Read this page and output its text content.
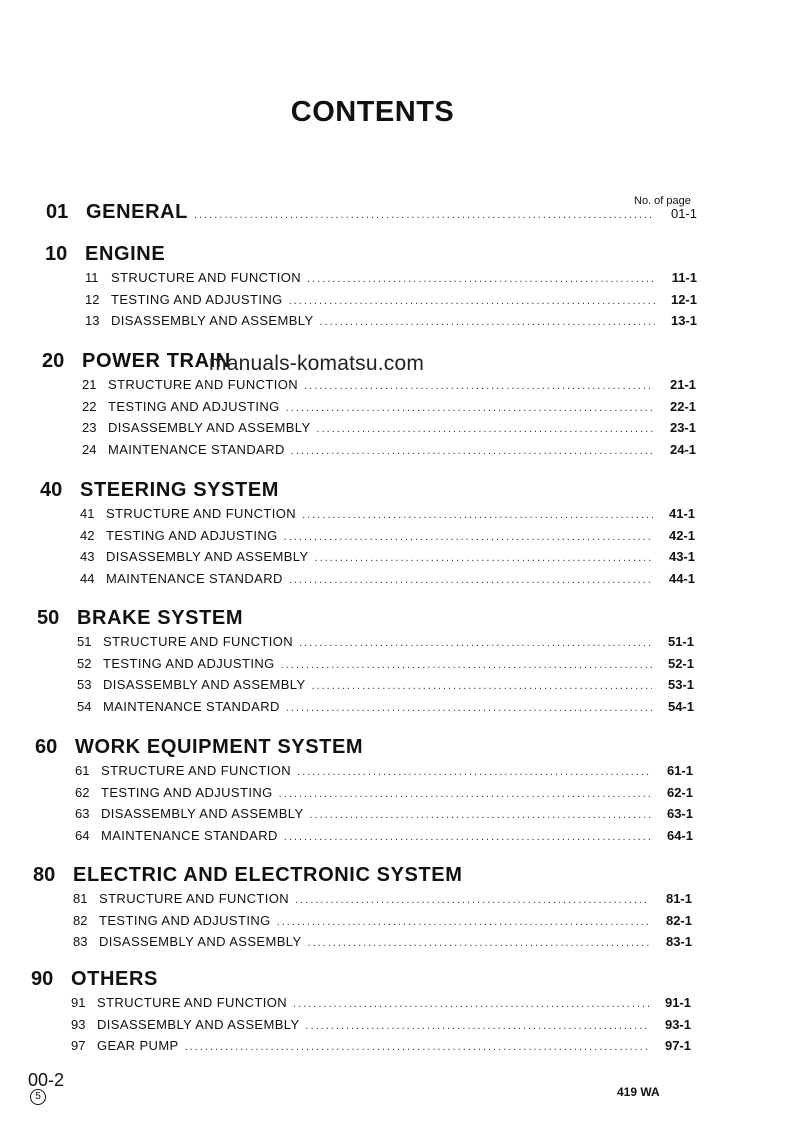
CONTENTS
No. of page
01 GENERAL .....	01-1
10 ENGINE
11 STRUCTURE AND FUNCTION .....	11-1
12 TESTING AND ADJUSTING .....	12-1
13 DISASSEMBLY AND ASSEMBLY .....	13-1
20 POWER TRAIN
21 STRUCTURE AND FUNCTION .....	21-1
22 TESTING AND ADJUSTING .....	22-1
23 DISASSEMBLY AND ASSEMBLY .....	23-1
24 MAINTENANCE STANDARD .....	24-1
40 STEERING SYSTEM
41 STRUCTURE AND FUNCTION .....	41-1
42 TESTING AND ADJUSTING .....	42-1
43 DISASSEMBLY AND ASSEMBLY .....	43-1
44 MAINTENANCE STANDARD .....	44-1
50 BRAKE SYSTEM
51 STRUCTURE AND FUNCTION .....	51-1
52 TESTING AND ADJUSTING .....	52-1
53 DISASSEMBLY AND ASSEMBLY .....	53-1
54 MAINTENANCE STANDARD .....	54-1
60 WORK EQUIPMENT SYSTEM
61 STRUCTURE AND FUNCTION .....	61-1
62 TESTING AND ADJUSTING .....	62-1
63 DISASSEMBLY AND ASSEMBLY .....	63-1
64 MAINTENANCE STANDARD .....	64-1
80 ELECTRIC AND ELECTRONIC SYSTEM
81 STRUCTURE AND FUNCTION .....	81-1
82 TESTING AND ADJUSTING .....	82-1
83 DISASSEMBLY AND ASSEMBLY .....	83-1
90 OTHERS
91 STRUCTURE AND FUNCTION .....	91-1
93 DISASSEMBLY AND ASSEMBLY .....	93-1
97 GEAR PUMP .....	97-1
manuals-komatsu.com
00-2
5	419 WA
